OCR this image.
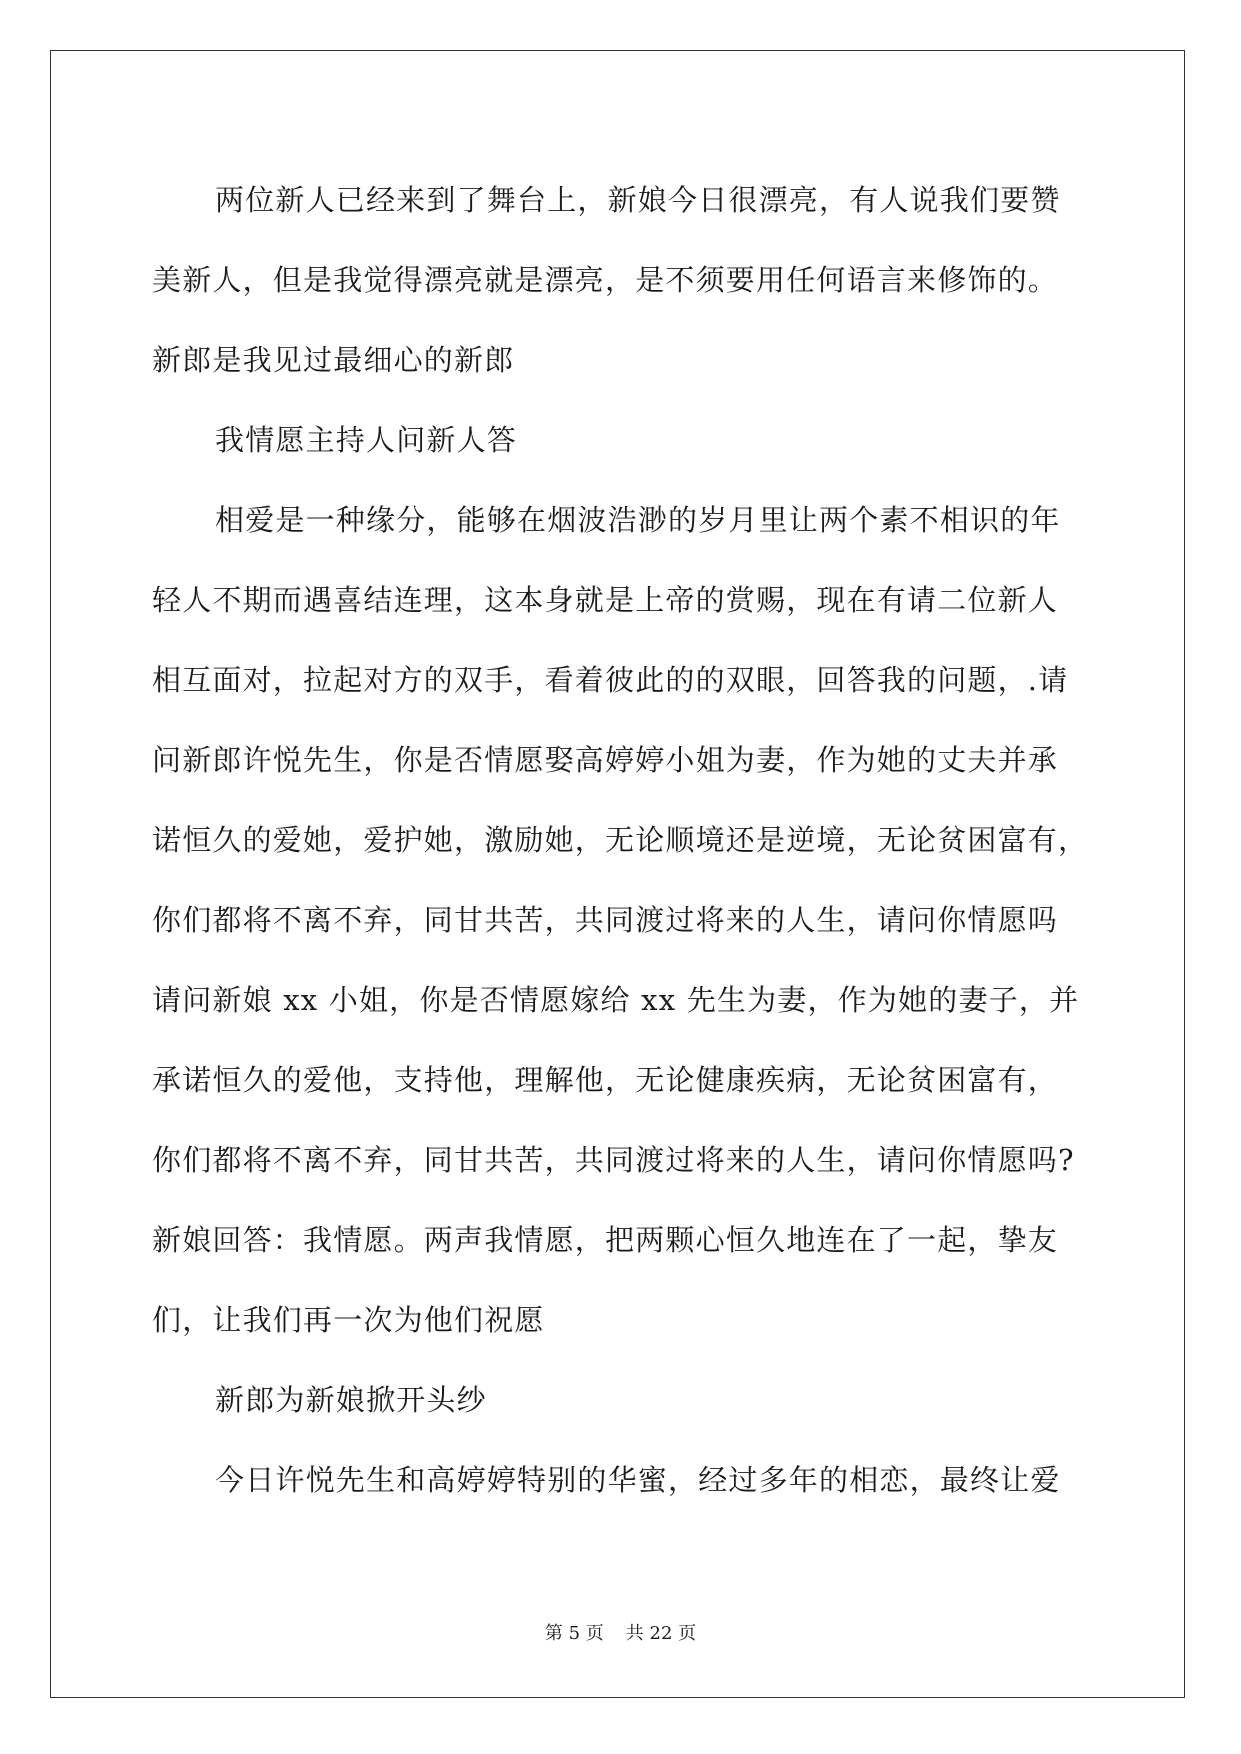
两位新人已经来到了舞台上，新娘今日很漂亮，有人说我们要赞
美新人，但是我觉得漂亮就是漂亮，是不须要用任何语言来修饰的。
新郎是我见过最细心的新郎

我情愿主持人问新人答

相爱是一种缘分，能够在烟波浩渺的岁月里让两个素不相识的年
轻人不期而遇喜结连理，这本身就是上帝的赏赐，现在有请二位新人
相互面对，拉起对方的双手，看着彼此的的双眼，回答我的问题，.请
问新郎许悦先生，你是否情愿娶高婷婷小姐为妻，作为她的丈夫并承
诺恒久的爱她，爱护她，激励她，无论顺境还是逆境，无论贫困富有，
你们都将不离不弃，同甘共苦，共同渡过将来的人生，请问你情愿吗
请问新娘 xx 小姐，你是否情愿嫁给 xx 先生为妻，作为她的妻子，并
承诺恒久的爱他，支持他，理解他，无论健康疾病，无论贫困富有，
你们都将不离不弃，同甘共苦，共同渡过将来的人生，请问你情愿吗?
新娘回答：我情愿。两声我情愿，把两颗心恒久地连在了一起，挚友
们，让我们再一次为他们祝愿

新郎为新娘掀开头纱

今日许悦先生和高婷婷特别的华蜜，经过多年的相恋，最终让爱

第 5 页 共 22 页
